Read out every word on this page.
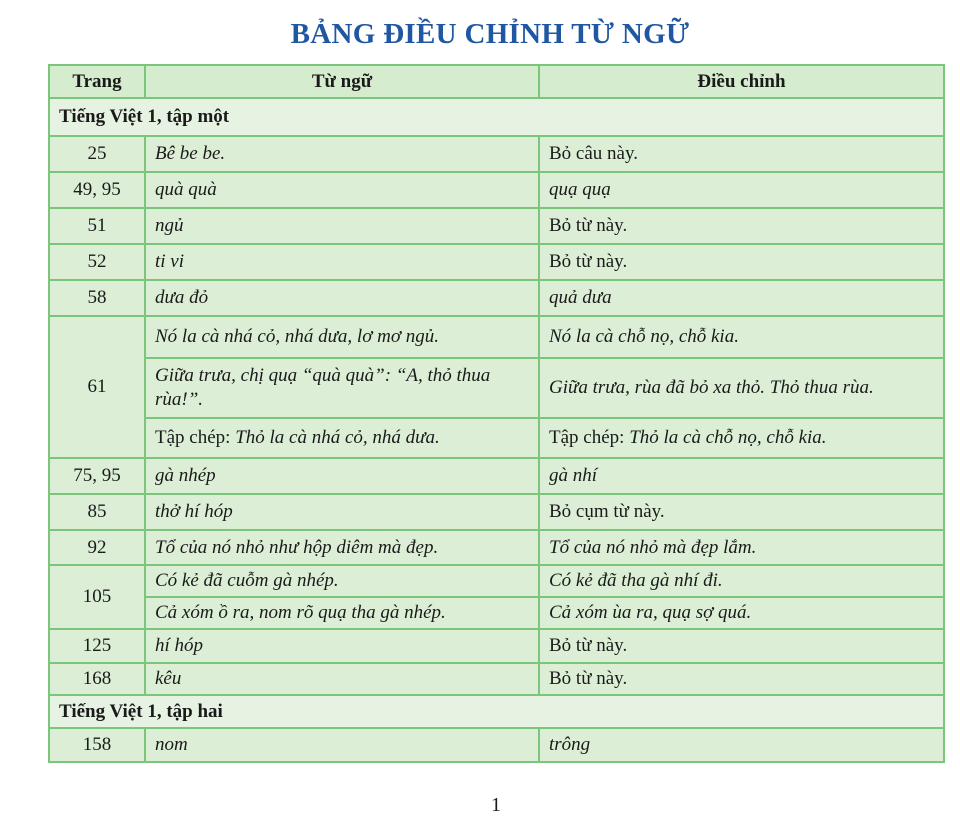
BẢNG ĐIỀU CHỈNH TỪ NGỮ
Trang	Từ ngữ	Điều chỉnh
Tiếng Việt 1, tập một		
25	Bê be be.	Bỏ câu này.
49, 95	quà quà	quạ quạ
51	ngủ	Bỏ từ này.
52	ti vi	Bỏ từ này.
58	dưa đỏ	quả dưa
61	Nó la cà nhá cỏ, nhá dưa, lơ mơ ngủ.	Nó la cà chỗ nọ, chỗ kia.
	Giữa trưa, chị quạ “quà quà”: “A, thỏ thua rùa!”.	Giữa trưa, rùa đã bỏ xa thỏ. Thỏ thua rùa.
	Tập chép: Thỏ la cà nhá cỏ, nhá dưa.	Tập chép: Thỏ la cà chỗ nọ, chỗ kia.
75, 95	gà nhép	gà nhí
85	thở hí hóp	Bỏ cụm từ này.
92	Tổ của nó nhỏ như hộp diêm mà đẹp.	Tổ của nó nhỏ mà đẹp lắm.
105	Có kẻ đã cuỗm gà nhép.	Có kẻ đã tha gà nhí đi.
	Cả xóm ồ ra, nom rõ quạ tha gà nhép.	Cả xóm ùa ra, quạ sợ quá.
125	hí hóp	Bỏ từ này.
168	kêu	Bỏ từ này.
Tiếng Việt 1, tập hai		
158	nom	trông
1
